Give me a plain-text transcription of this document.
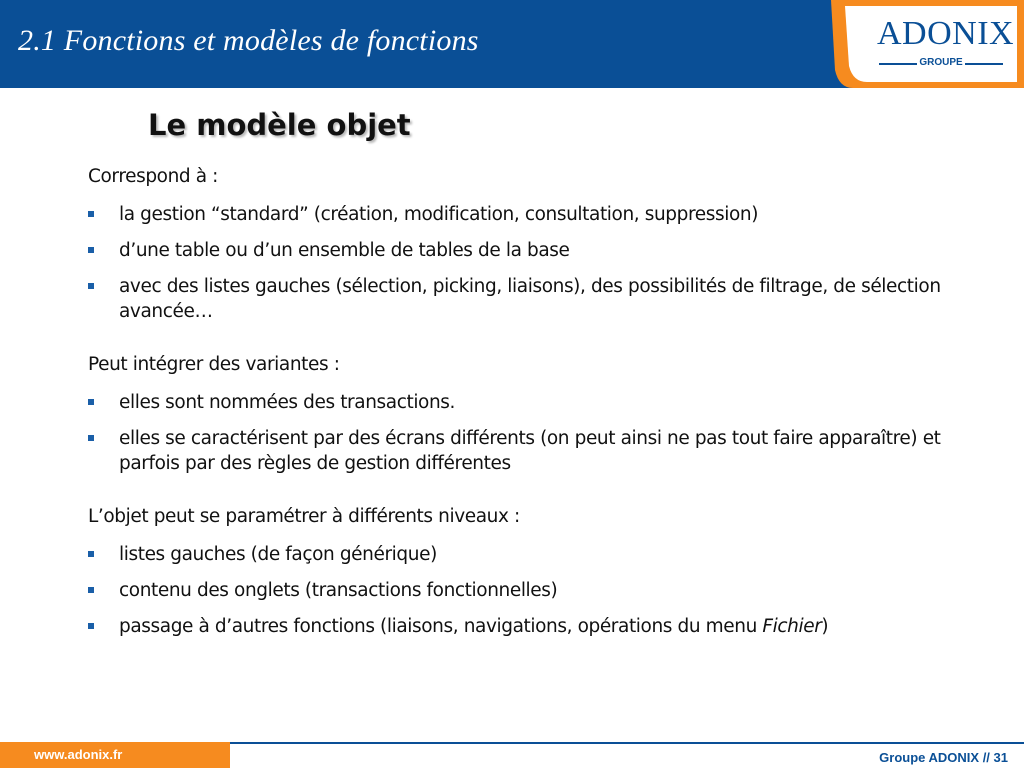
2.1 Fonctions et modèles de fonctions	ADONIX
GROUPE
Le modèle objet
Correspond à :
la gestion “standard” (création, modification, consultation, suppression)
d’une table ou d’un ensemble de tables de la base
avec des listes gauches (sélection, picking, liaisons), des possibilités de filtrage, de sélection avancée…
Peut intégrer des variantes :
elles sont nommées des transactions.
elles se caractérisent par des écrans différents (on peut ainsi ne pas tout faire apparaître) et parfois par des règles de gestion différentes
L’objet peut se paramétrer à différents niveaux :
listes gauches (de façon générique)
contenu des onglets (transactions fonctionnelles)
passage à d’autres fonctions (liaisons, navigations, opérations du menu Fichier)
www.adonix.fr	Groupe ADONIX // 31
